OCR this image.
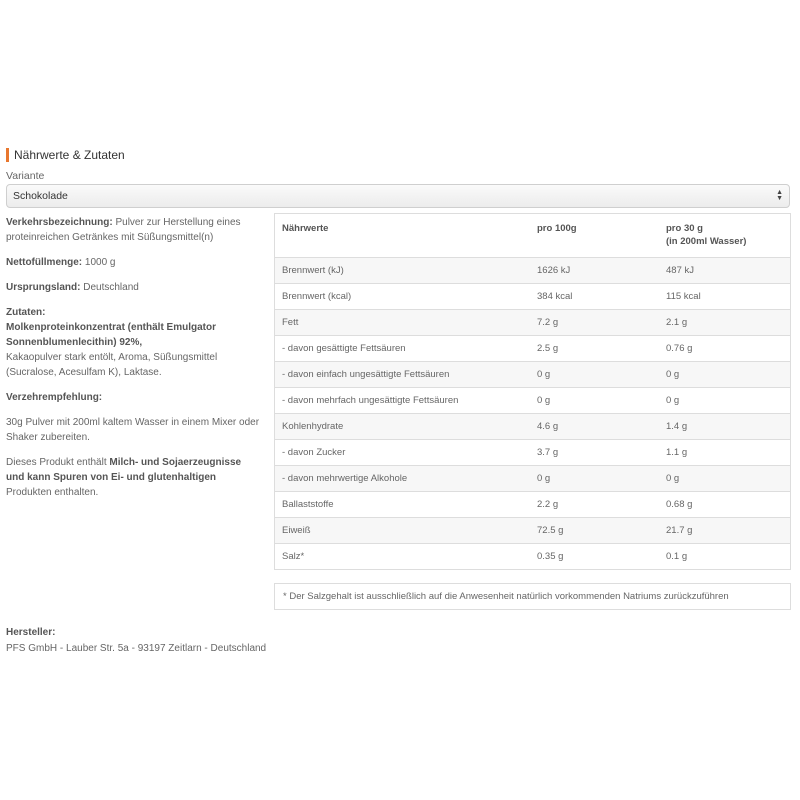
Nährwerte & Zutaten
Variante
Schokolade	▲
▼
Verkehrsbezeichnung: Pulver zur Herstellung eines proteinreichen Getränkes mit Süßungsmittel(n)
Nettofüllmenge: 1000 g
Ursprungsland: Deutschland
Zutaten:
Molkenproteinkonzentrat (enthält Emulgator Sonnenblumenlecithin) 92%,
Kakaopulver stark entölt, Aroma, Süßungsmittel (Sucralose, Acesulfam K), Laktase.
Verzehrempfehlung:
30g Pulver mit 200ml kaltem Wasser in einem Mixer oder Shaker zubereiten.
Dieses Produkt enthält Milch- und Sojaerzeugnisse und kann Spuren von Ei- und glutenhaltigen Produkten enthalten.
Nährwerte	pro 100g	pro 30 g
(in 200ml Wasser)
Brennwert (kJ)	1626 kJ	487 kJ
Brennwert (kcal)	384 kcal	115 kcal
Fett	7.2 g	2.1 g
- davon gesättigte Fettsäuren	2.5 g	0.76 g
- davon einfach ungesättigte Fettsäuren	0 g	0 g
- davon mehrfach ungesättigte Fettsäuren	0 g	0 g
Kohlenhydrate	4.6 g	1.4 g
- davon Zucker	3.7 g	1.1 g
- davon mehrwertige Alkohole	0 g	0 g
Ballaststoffe	2.2 g	0.68 g
Eiweiß	72.5 g	21.7 g
Salz*	0.35 g	0.1 g
* Der Salzgehalt ist ausschließlich auf die Anwesenheit natürlich vorkommenden Natriums zurückzuführen
Hersteller:
PFS GmbH - Lauber Str. 5a - 93197 Zeitlarn - Deutschland
